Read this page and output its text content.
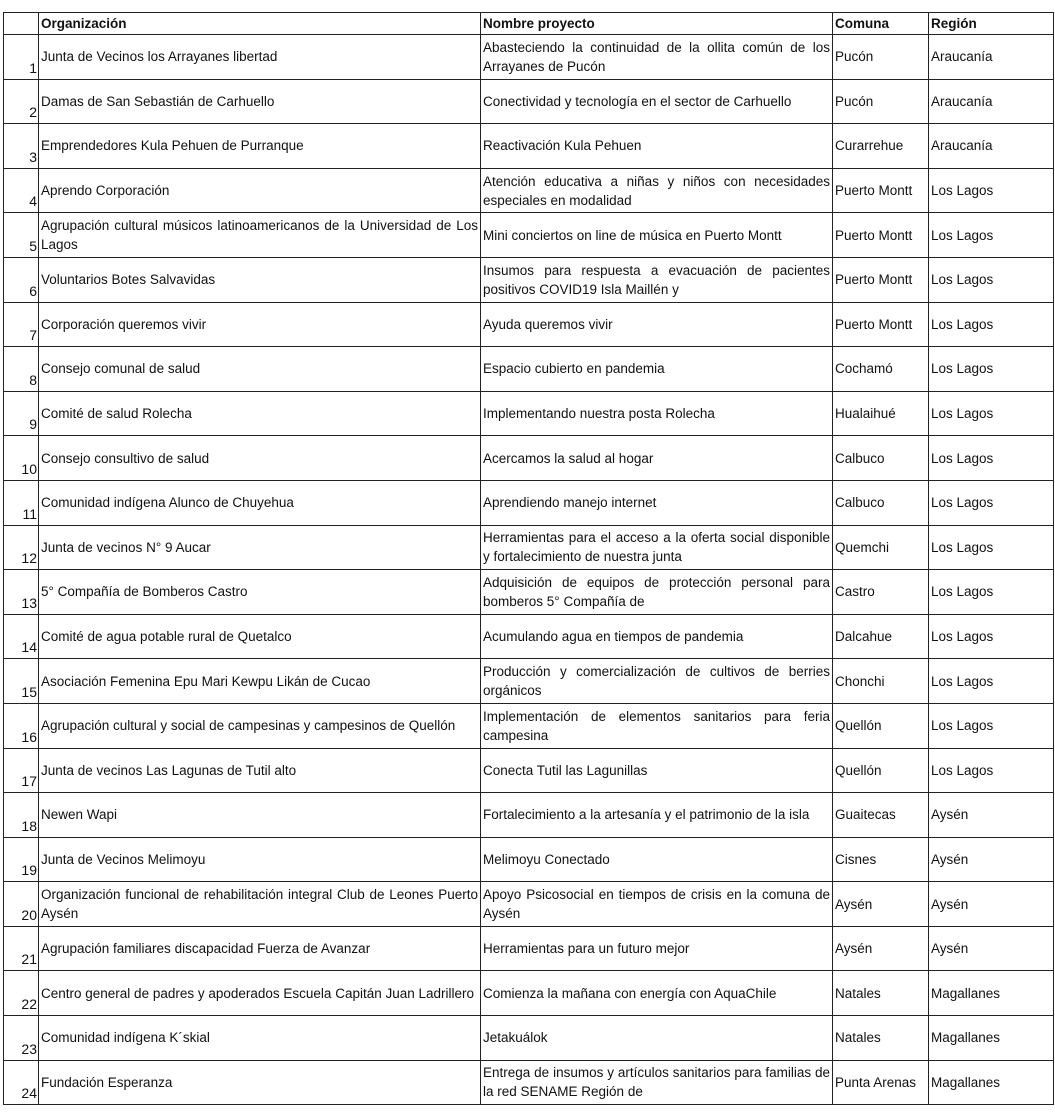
	Organización	Nombre proyecto	Comuna	Región

1	Junta de Vecinos los Arrayanes libertad	Abasteciendo la continuidad de la ollita común de los Arrayanes de Pucón	Pucón	Araucanía

2	Damas de San Sebastián de Carhuello	Conectividad y tecnología en el sector de Carhuello	Pucón	Araucanía

3	Emprendedores Kula Pehuen de Purranque	Reactivación Kula Pehuen	Curarrehue	Araucanía

4	Aprendo Corporación	Atención educativa a niñas y niños con necesidades especiales en modalidad	Puerto Montt	Los Lagos

5	Agrupación cultural músicos latinoamericanos de la Universidad de Los Lagos	Mini conciertos on line de música en Puerto Montt	Puerto Montt	Los Lagos

6	Voluntarios Botes Salvavidas	Insumos para respuesta a evacuación de pacientes positivos COVID19 Isla Maillén y	Puerto Montt	Los Lagos

7	Corporación queremos vivir	Ayuda queremos vivir	Puerto Montt	Los Lagos

8	Consejo comunal de salud	Espacio cubierto en pandemia	Cochamó	Los Lagos

9	Comité de salud Rolecha	Implementando nuestra posta Rolecha	Hualaihué	Los Lagos

10	Consejo consultivo de salud	Acercamos la salud al hogar	Calbuco	Los Lagos

11	Comunidad indígena Alunco de Chuyehua	Aprendiendo manejo internet	Calbuco	Los Lagos

12	Junta de vecinos N° 9 Aucar	Herramientas para el acceso a la oferta social disponible y fortalecimiento de nuestra junta	Quemchi	Los Lagos

13	5° Compañía de Bomberos Castro	Adquisición de equipos de protección personal para bomberos 5° Compañía de	Castro	Los Lagos

14	Comité de agua potable rural de Quetalco	Acumulando agua en tiempos de pandemia	Dalcahue	Los Lagos

15	Asociación Femenina Epu Mari Kewpu Likán de Cucao	Producción y comercialización de cultivos de berries orgánicos	Chonchi	Los Lagos

16	Agrupación cultural y social de campesinas y campesinos de Quellón	Implementación de elementos sanitarios para feria campesina	Quellón	Los Lagos

17	Junta de vecinos Las Lagunas de Tutil alto	Conecta Tutil las Lagunillas	Quellón	Los Lagos

18	Newen Wapi	Fortalecimiento a la artesanía y el patrimonio de la isla	Guaitecas	Aysén

19	Junta de Vecinos Melimoyu	Melimoyu Conectado	Cisnes	Aysén

20	Organización funcional de rehabilitación integral Club de Leones Puerto Aysén	Apoyo Psicosocial en tiempos de crisis en la comuna de Aysén	Aysén	Aysén

21	Agrupación familiares discapacidad Fuerza de Avanzar	Herramientas para un futuro mejor	Aysén	Aysén

22	Centro general de padres y apoderados Escuela Capitán Juan Ladrillero	Comienza la mañana con energía con AquaChile	Natales	Magallanes

23	Comunidad indígena K´skial	Jetakuálok	Natales	Magallanes

24	Fundación Esperanza	Entrega de insumos y artículos sanitarios para familias de la red SENAME Región de	Punta Arenas	Magallanes
